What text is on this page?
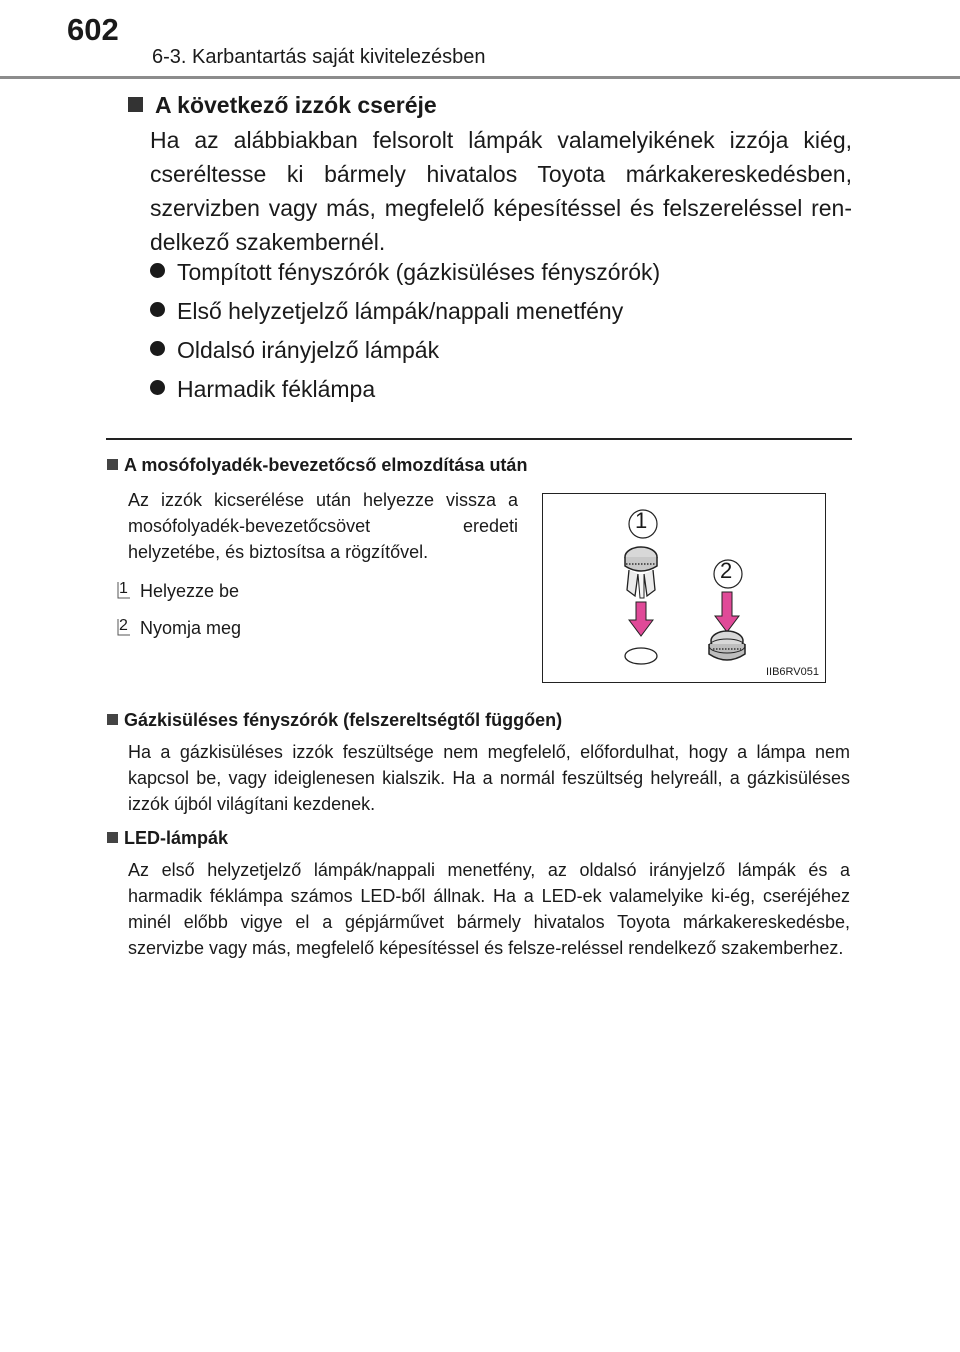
602
6-3. Karbantartás saját kivitelezésben
A következő izzók cseréje
Ha az alábbiakban felsorolt lámpák valamelyikének izzója kiég, cseréltesse ki bármely hivatalos Toyota márkakereskedésben, szervizben vagy más, megfelelő képesítéssel és felszereléssel ren-delkező szakembernél.
Tompított fényszórók (gázkisüléses fényszórók)
Első helyzetjelző lámpák/nappali menetfény
Oldalsó irányjelző lámpák
Harmadik féklámpa
A mosófolyadék-bevezetőcső elmozdítása után
Az izzók kicserélése után helyezze vissza a mosófolyadék-bevezetőcsövet eredeti helyzetébe, és biztosítsa a rögzítővel.
1 Helyezze be
2 Nyomja meg
1
2
IIB6RV051
Gázkisüléses fényszórók (felszereltségtől függően)
Ha a gázkisüléses izzók feszültsége nem megfelelő, előfordulhat, hogy a lámpa nem kapcsol be, vagy ideiglenesen kialszik. Ha a normál feszültség helyreáll, a gázkisüléses izzók újból világítani kezdenek.
LED-lámpák
Az első helyzetjelző lámpák/nappali menetfény, az oldalsó irányjelző lámpák és a harmadik féklámpa számos LED-ből állnak. Ha a LED-ek valamelyike ki-ég, cseréjéhez minél előbb vigye el a gépjárművet bármely hivatalos Toyota márkakereskedésbe, szervizbe vagy más, megfelelő képesítéssel és felsze-reléssel rendelkező szakemberhez.
